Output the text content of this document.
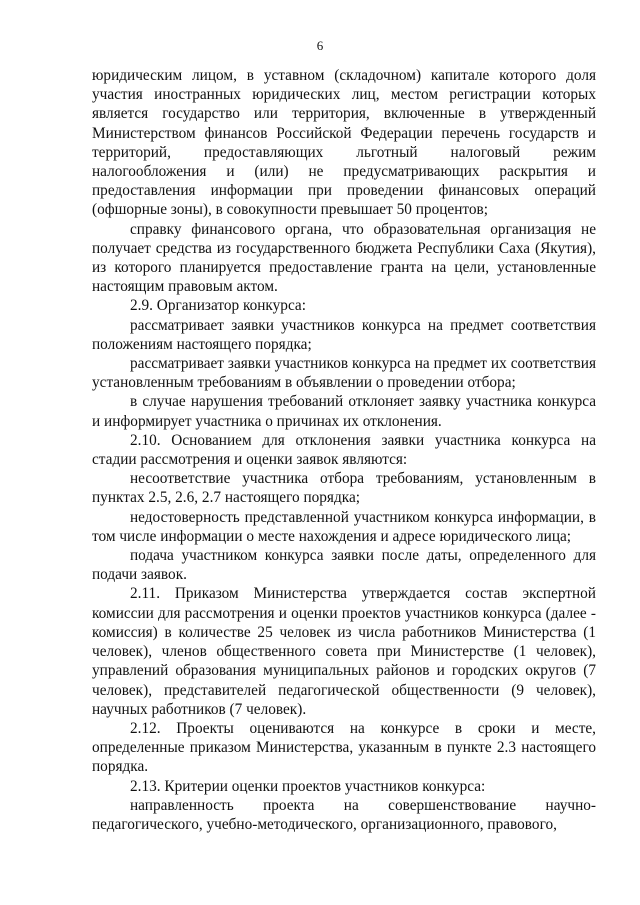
6

юридическим лицом, в уставном (складочном) капитале которого доля участия иностранных юридических лиц, местом регистрации которых является государство или территория, включенные в утвержденный Министерством финансов Российской Федерации перечень государств и территорий, предоставляющих льготный налоговый режим налогообложения и (или) не предусматривающих раскрытия и предоставления информации при проведении финансовых операций (офшорные зоны), в совокупности превышает 50 процентов;

справку финансового органа, что образовательная организация не получает средства из государственного бюджета Республики Саха (Якутия), из которого планируется предоставление гранта на цели, установленные настоящим правовым актом.

2.9. Организатор конкурса:

рассматривает заявки участников конкурса на предмет соответствия положениям настоящего порядка;

рассматривает заявки участников конкурса на предмет их соответствия установленным требованиям в объявлении о проведении отбора;

в случае нарушения требований отклоняет заявку участника конкурса и информирует участника о причинах их отклонения.

2.10. Основанием для отклонения заявки участника конкурса на стадии рассмотрения и оценки заявок являются:

несоответствие участника отбора требованиям, установленным в пунктах 2.5, 2.6, 2.7 настоящего порядка;

недостоверность представленной участником конкурса информации, в том числе информации о месте нахождения и адресе юридического лица;

подача участником конкурса заявки после даты, определенного для подачи заявок.

2.11. Приказом Министерства утверждается состав экспертной комиссии для рассмотрения и оценки проектов участников конкурса (далее - комиссия) в количестве 25 человек из числа работников Министерства (1 человек), членов общественного совета при Министерстве (1 человек), управлений образования муниципальных районов и городских округов (7 человек), представителей педагогической общественности (9 человек), научных работников (7 человек).

2.12. Проекты оцениваются на конкурсе в сроки и месте, определенные приказом Министерства, указанным в пункте 2.3 настоящего порядка.

2.13. Критерии оценки проектов участников конкурса:

направленность проекта на совершенствование научно-педагогического, учебно-методического, организационного, правового,
